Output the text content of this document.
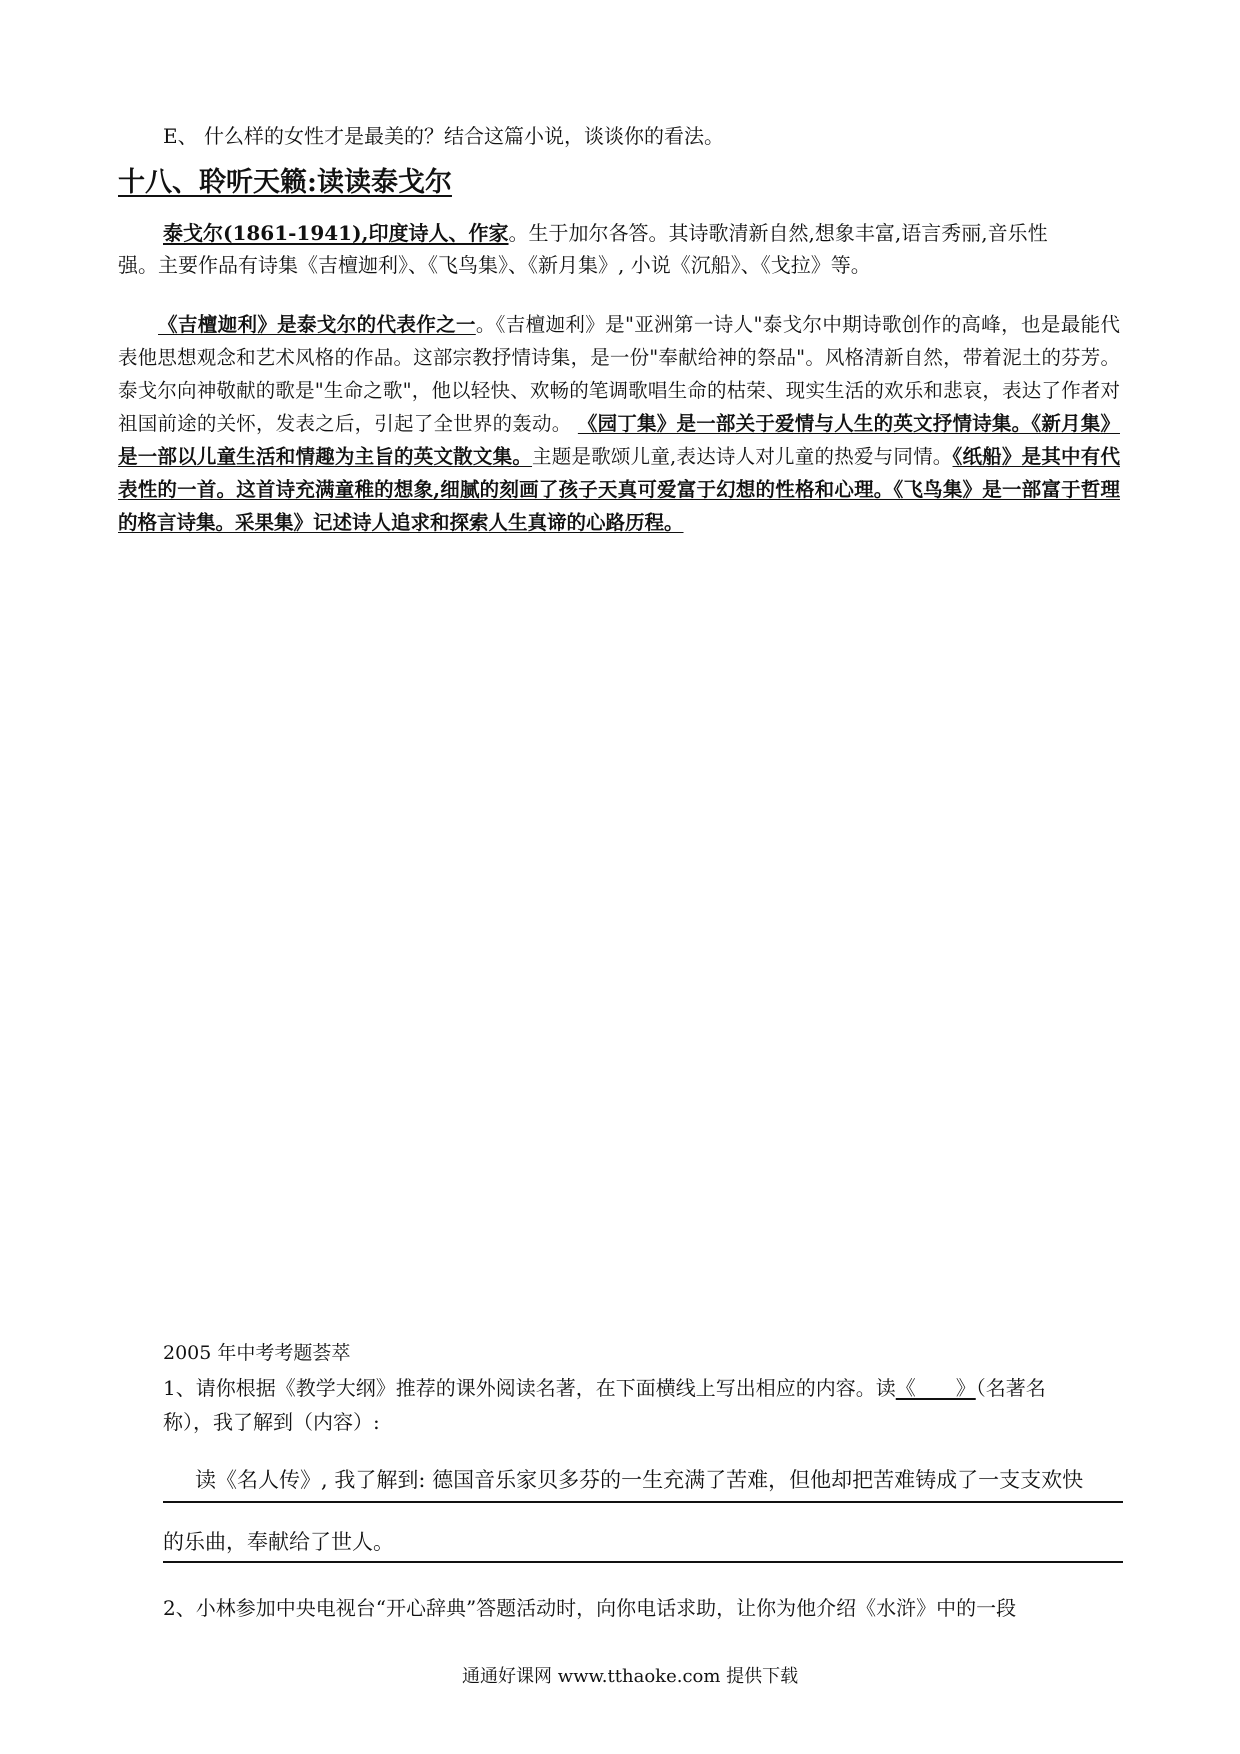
E、 什么样的女性才是最美的？结合这篇小说，谈谈你的看法。
十八、聆听天籁:读读泰戈尔
泰戈尔(1861-1941),印度诗人、作家。生于加尔各答。其诗歌清新自然,想象丰富,语言秀丽,音乐性
强。主要作品有诗集《吉檀迦利》、《飞鸟集》、《新月集》, 小说《沉船》、《戈拉》等。
《吉檀迦利》是泰戈尔的代表作之一。《吉檀迦利》是"亚洲第一诗人"泰戈尔中期诗歌创作的高峰，也是最能代表他思想观念和艺术风格的作品。这部宗教抒情诗集，是一份"奉献给神的祭品"。风格清新自然，带着泥土的芬芳。泰戈尔向神敬献的歌是"生命之歌"，他以轻快、欢畅的笔调歌唱生命的枯荣、现实生活的欢乐和悲哀，表达了作者对祖国前途的关怀，发表之后，引起了全世界的轰动。 《园丁集》是一部关于爱情与人生的英文抒情诗集。《新月集》是一部以儿童生活和情趣为主旨的英文散文集。主题是歌颂儿童,表达诗人对儿童的热爱与同情。《纸船》是其中有代表性的一首。这首诗充满童稚的想象,细腻的刻画了孩子天真可爱富于幻想的性格和心理。《飞鸟集》是一部富于哲理的格言诗集。采果集》记述诗人追求和探索人生真谛的心路历程。
2005 年中考考题荟萃
1、请你根据《教学大纲》推荐的课外阅读名著，在下面横线上写出相应的内容。读《　　》（名著名
称），我了解到（内容）:
读《名人传》, 我了解到: 德国音乐家贝多芬的一生充满了苦难，但他却把苦难铸成了一支支欢快
的乐曲，奉献给了世人。
2、小林参加中央电视台“开心辞典”答题活动时，向你电话求助，让你为他介绍《水浒》中的一段
通通好课网 www.tthaoke.com 提供下载
